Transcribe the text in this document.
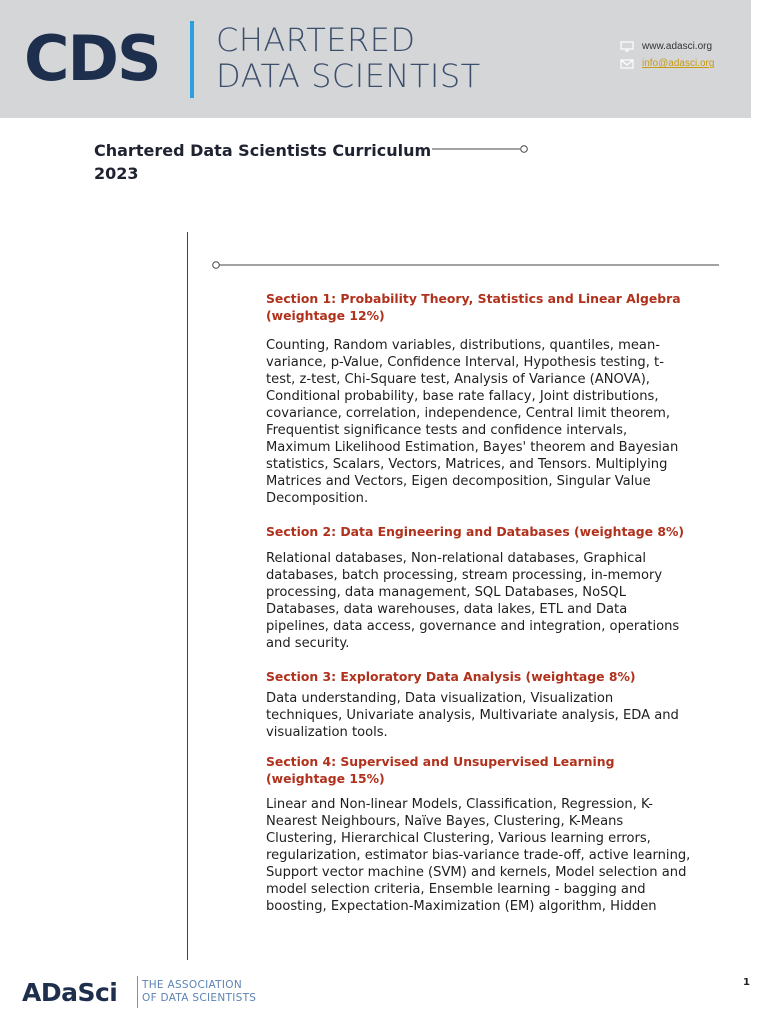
CDS CHARTERED
DATA SCIENTIST
www.adasci.org
info@adasci.org
Chartered Data Scientists Curriculum
2023

Section 1: Probability Theory, Statistics and Linear Algebra (weightage 12%)

Counting, Random variables, distributions, quantiles, mean-variance, p-Value, Confidence Interval, Hypothesis testing, t-test, z-test, Chi-Square test, Analysis of Variance (ANOVA), Conditional probability, base rate fallacy, Joint distributions, covariance, correlation, independence, Central limit theorem, Frequentist significance tests and confidence intervals, Maximum Likelihood Estimation, Bayes' theorem and Bayesian statistics, Scalars, Vectors, Matrices, and Tensors. Multiplying Matrices and Vectors, Eigen decomposition, Singular Value Decomposition.

Section 2: Data Engineering and Databases (weightage 8%)

Relational databases, Non-relational databases, Graphical databases, batch processing, stream processing, in-memory processing, data management, SQL Databases, NoSQL Databases, data warehouses, data lakes, ETL and Data pipelines, data access, governance and integration, operations and security.

Section 3: Exploratory Data Analysis (weightage 8%)

Data understanding, Data visualization, Visualization techniques, Univariate analysis, Multivariate analysis, EDA and visualization tools.

Section 4: Supervised and Unsupervised Learning (weightage 15%)

Linear and Non-linear Models, Classification, Regression, K-Nearest Neighbours, Naïve Bayes, Clustering, K-Means Clustering, Hierarchical Clustering, Various learning errors, regularization, estimator bias-variance trade-off, active learning, Support vector machine (SVM) and kernels, Model selection and model selection criteria, Ensemble learning - bagging and boosting, Expectation-Maximization (EM) algorithm, Hidden

ADaSci THE ASSOCIATION
OF DATA SCIENTISTS
1
